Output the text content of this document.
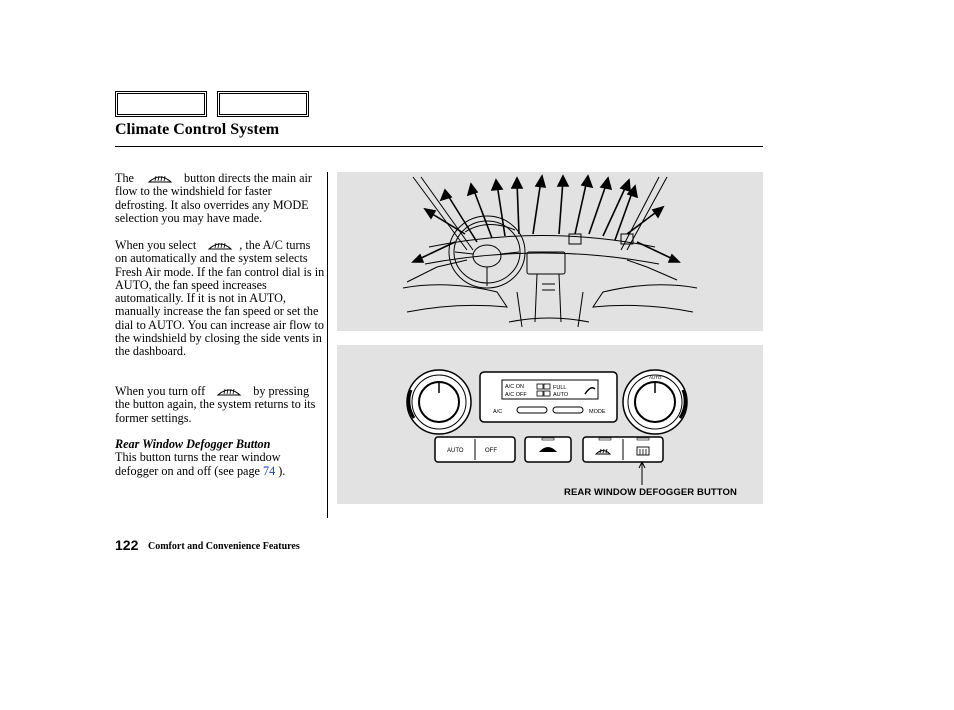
Climate Control System

The	button directs the main air flow to the windshield for faster defrosting. It also overrides any MODE selection you may have made.

When you select	, the A/C turns on automatically and the system selects Fresh Air mode. If the fan control dial is in AUTO, the fan speed increases automatically. If it is not in AUTO, manually increase the fan speed or set the dial to AUTO. You can increase air flow to the windshield by closing the side vents in the dashboard.

When you turn off	by pressing the button again, the system returns to its former settings.

Rear Window Defogger Button

This button turns the rear window defogger on and off (see page 74 ).

AUTO
A/C ON
A/C OFF
FULL
AUTO
A/C	MODE
AUTO	OFF
REAR WINDOW DEFOGGER BUTTON
122 Comfort and Convenience Features
